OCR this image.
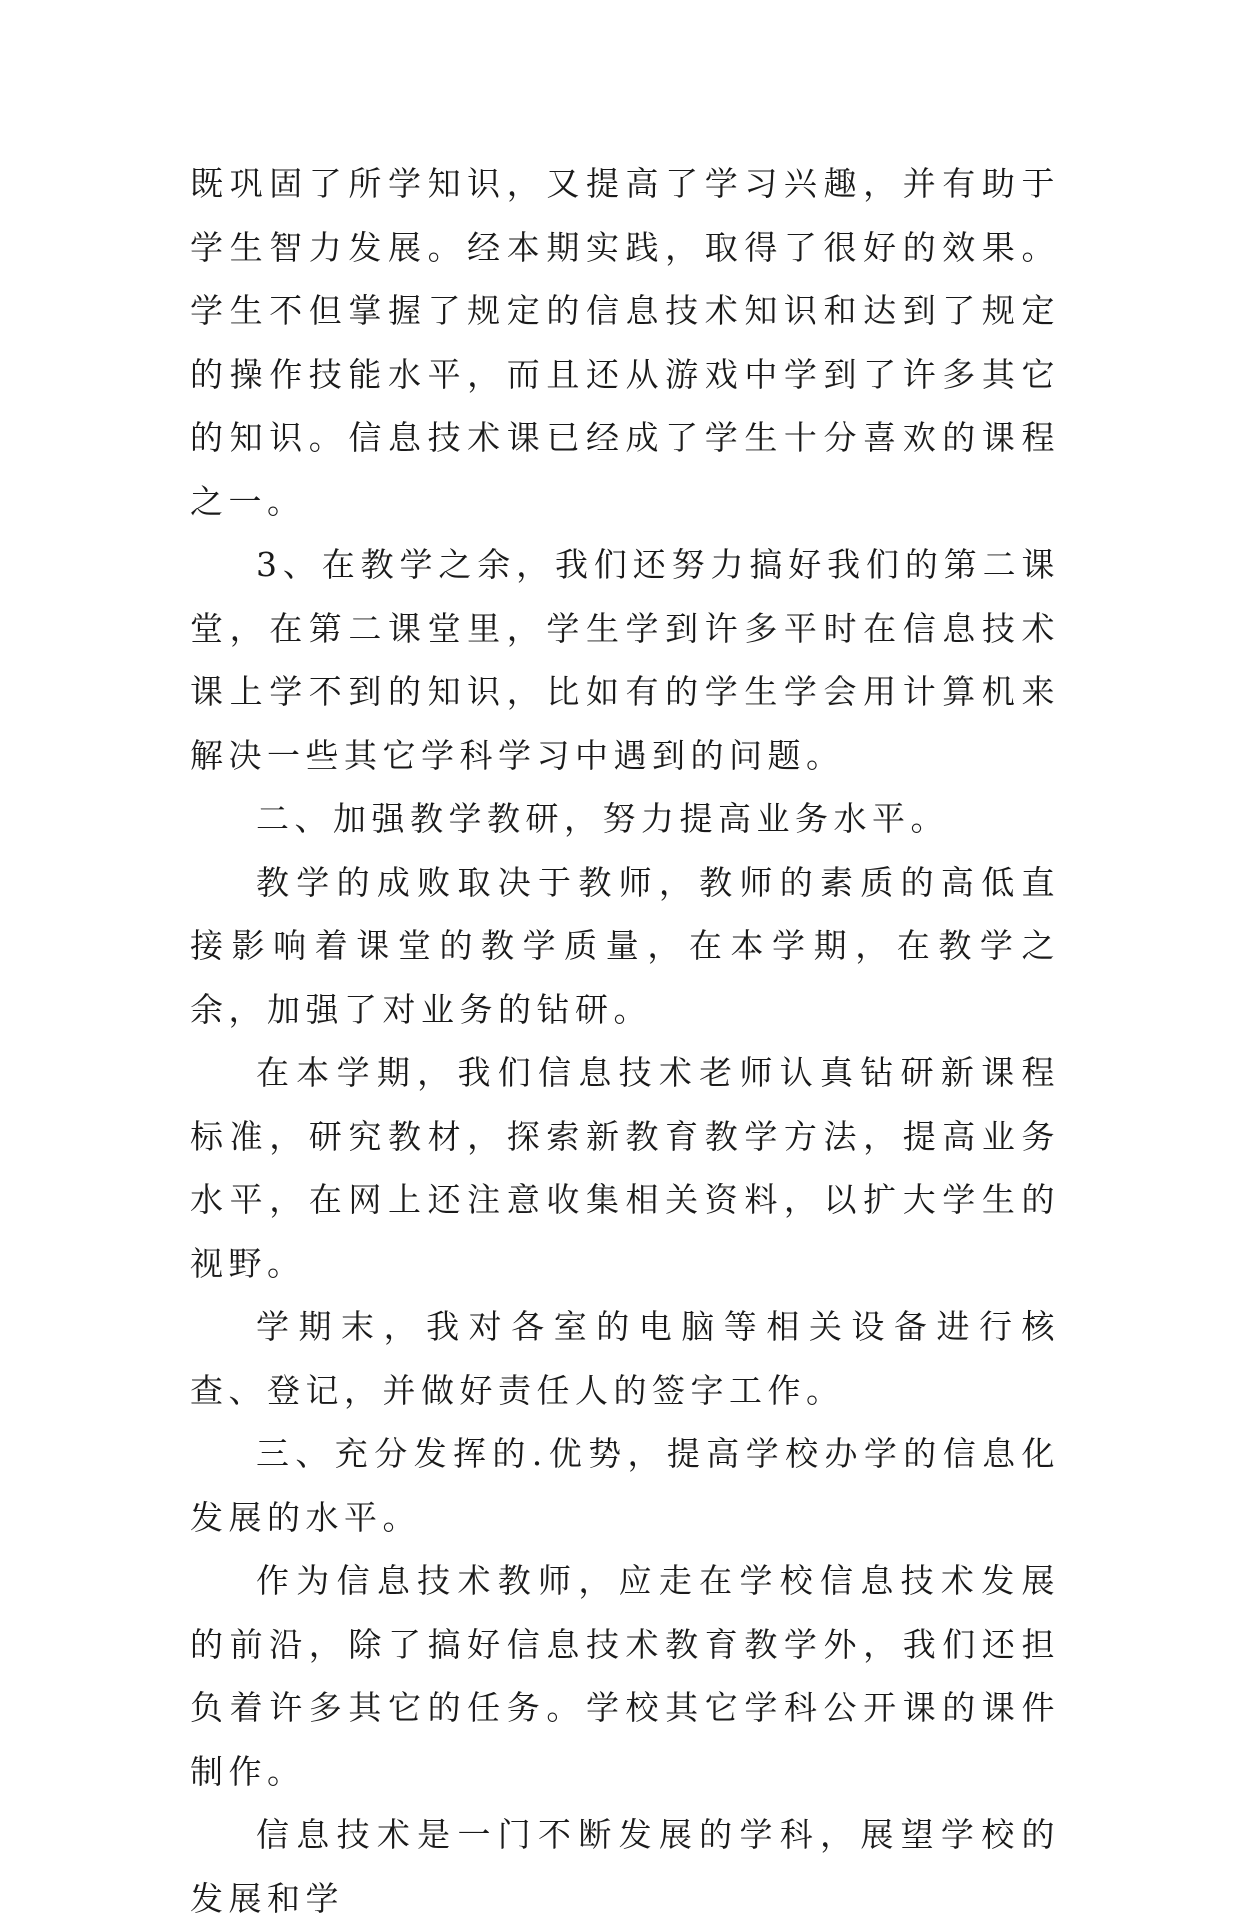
既巩固了所学知识，又提高了学习兴趣，并有助于学生智力发展。经本期实践，取得了很好的效果。学生不但掌握了规定的信息技术知识和达到了规定的操作技能水平，而且还从游戏中学到了许多其它的知识。信息技术课已经成了学生十分喜欢的课程之一。

3、在教学之余，我们还努力搞好我们的第二课堂，在第二课堂里，学生学到许多平时在信息技术课上学不到的知识，比如有的学生学会用计算机来解决一些其它学科学习中遇到的问题。

二、加强教学教研，努力提高业务水平。

教学的成败取决于教师，教师的素质的高低直接影响着课堂的教学质量，在本学期，在教学之余，加强了对业务的钻研。

在本学期，我们信息技术老师认真钻研新课程标准，研究教材，探索新教育教学方法，提高业务水平，在网上还注意收集相关资料，以扩大学生的视野。

学期末，我对各室的电脑等相关设备进行核查、登记，并做好责任人的签字工作。

三、充分发挥的.优势，提高学校办学的信息化发展的水平。

作为信息技术教师，应走在学校信息技术发展的前沿，除了搞好信息技术教育教学外，我们还担负着许多其它的任务。学校其它学科公开课的课件制作。

信息技术是一门不断发展的学科，展望学校的发展和学
